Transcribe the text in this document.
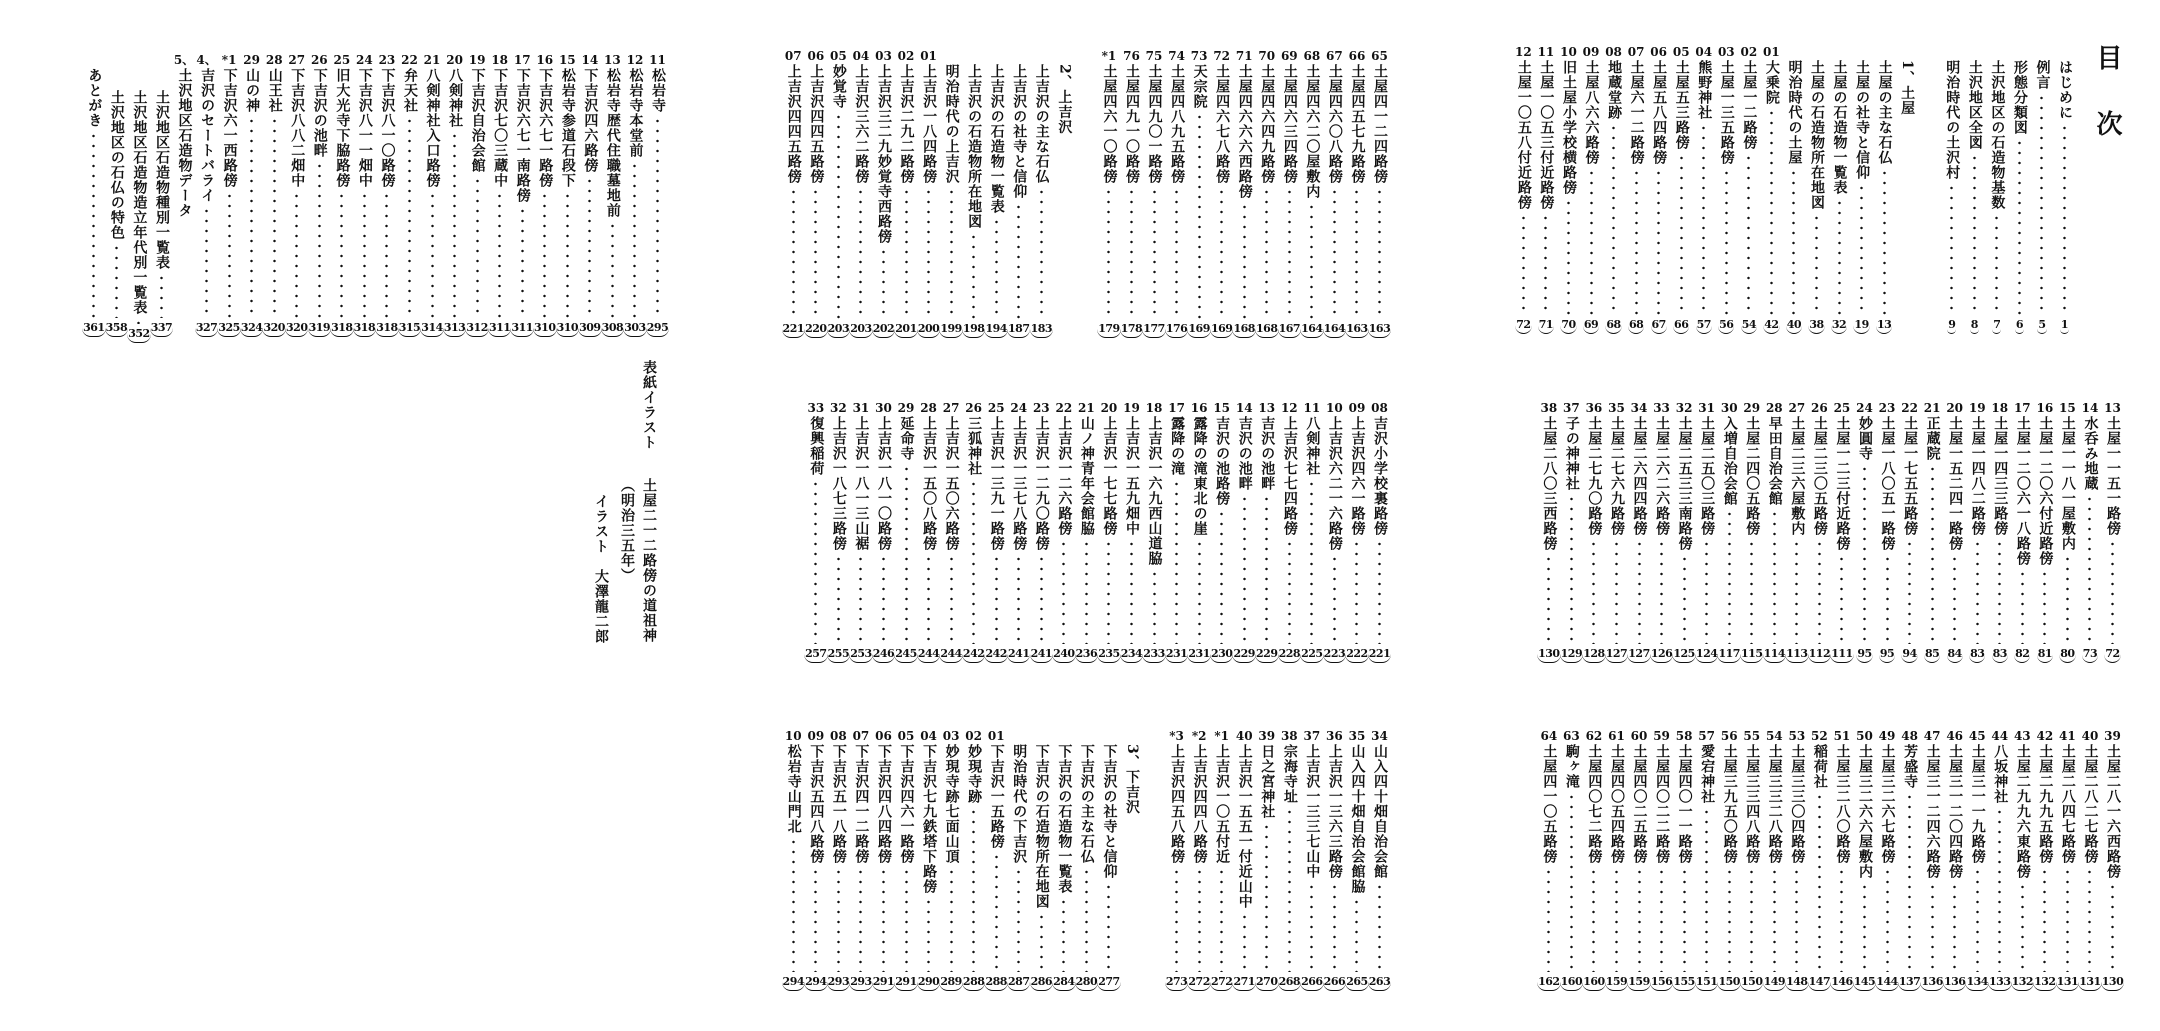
目次
はじめに
1
例言
5
形態分類図
6
土沢地区の石造物基数
7
土沢地区全図
8
明治時代の土沢村
9
1、土屋
土屋の主な石仏
13
土屋の社寺と信仰
19
土屋の石造物一覧表
32
土屋の石造物所在地図
38
明治時代の土屋
40
01
大乗院
42
02
土屋一二路傍
54
03
土屋一三五路傍
56
04
熊野神社
57
05
土屋五三路傍
66
06
土屋五八四路傍
67
07
土屋六一二路傍
68
08
地蔵堂跡
68
09
土屋八六六路傍
69
10
旧土屋小学校横路傍
70
11
土屋一〇五三付近路傍
71
12
土屋一〇五八付近路傍
72
13
土屋一一五一路傍
72
14
水呑み地蔵
73
15
土屋一一八一屋敷内
80
16
土屋一二〇六付近路傍
81
17
土屋一二〇六一八路傍
82
18
土屋一四三三路傍
83
19
土屋一四八二路傍
83
20
土屋一五二四一路傍
84
21
正蔵院
85
22
土屋一七五五路傍
94
23
土屋一八〇五一路傍
95
24
妙圓寺
95
25
土屋一二三付近路傍
111
26
土屋二三〇五路傍
112
27
土屋二三六屋敷内
113
28
早田自治会館
114
29
土屋二四〇五路傍
115
30
入増自治会館
117
31
土屋二五〇三路傍
124
32
土屋二五三三南路傍
125
33
土屋二六二六路傍
126
34
土屋二六四四路傍
127
35
土屋二七六九路傍
127
36
土屋二七九〇路傍
128
37
子の神神社
129
38
土屋二八〇三西路傍
130
39
土屋二八一六西路傍
130
40
土屋二八二七路傍
131
41
土屋二八四七路傍
131
42
土屋二九九五路傍
132
43
土屋二九九六東路傍
132
44
八坂神社
133
45
土屋三一一九路傍
134
46
土屋三一二〇四路傍
136
47
土屋三一二四六路傍
136
48
芳盛寺
137
49
土屋三二六七路傍
144
50
土屋三二六六屋敷内
145
51
土屋三二八〇路傍
146
52
稲荷社
147
53
土屋三三〇四路傍
148
54
土屋三三二八路傍
149
55
土屋三三四八路傍
150
56
土屋三九五〇路傍
150
57
愛宕神社
151
58
土屋四〇一一路傍
155
59
土屋四〇二二路傍
156
60
土屋四〇二五路傍
159
61
土屋四〇五四路傍
159
62
土屋四〇七二路傍
160
63
駒ヶ滝
160
64
土屋四一〇五路傍
162
65
土屋四一二四路傍
163
66
土屋四五七九路傍
163
67
土屋四六〇八路傍
164
68
土屋四六二〇屋敷内
164
69
土屋四六三四路傍
167
70
土屋四六四九路傍
168
71
土屋四六六六西路傍
168
72
土屋四六七八路傍
169
73
天宗院
169
74
土屋四八九五路傍
176
75
土屋四九〇一路傍
177
76
土屋四九一〇路傍
178
*1
土屋四六一〇路傍
179
2、上吉沢
上吉沢の主な石仏
183
上吉沢の社寺と信仰
187
上吉沢の石造物一覧表
194
上吉沢の石造物所在地図
198
明治時代の上吉沢
199
01
上吉沢一八四路傍
200
02
上吉沢二九二路傍
201
03
上吉沢三二九妙覚寺西路傍
202
04
上吉沢三六二路傍
203
05
妙覚寺
203
06
上吉沢四四五路傍
220
07
上吉沢四四五路傍
221
08
吉沢小学校裏路傍
221
09
上吉沢四六一路傍
222
10
上吉沢六二一六路傍
223
11
八剣神社
225
12
上吉沢七七四路傍
228
13
吉沢の池畔
229
14
吉沢の池畔
229
15
吉沢の池路傍
230
16
露降の滝東北の崖
231
17
露降の滝
231
18
上吉沢一六九西山道脇
233
19
上吉沢一五九畑中
234
20
上吉沢一七七路傍
235
21
山ノ神青年会館脇
236
22
上吉沢一二六路傍
240
23
上吉沢一二九〇路傍
241
24
上吉沢一三七八路傍
241
25
上吉沢一三九一路傍
242
26
三狐神社
242
27
上吉沢一五〇六路傍
244
28
上吉沢一五〇八路傍
244
29
延命寺
245
30
上吉沢一八一〇路傍
246
31
上吉沢一八一三山裾
253
32
上吉沢一八七三路傍
255
33
復興稲荷
257
34
山入四十畑自治会館
263
35
山入四十畑自治会館脇
265
36
上吉沢一三六三路傍
266
37
上吉沢一三三七山中
266
38
宗海寺址
268
39
日之宮神社
270
40
上吉沢一五五一付近山中
271
*1
上吉沢一〇五付近
272
*2
上吉沢四四八路傍
272
*3
上吉沢四五八路傍
273
3、下吉沢
下吉沢の社寺と信仰
277
下吉沢の主な石仏
280
下吉沢の石造物一覧表
284
下吉沢の石造物所在地図
286
明治時代の下吉沢
287
01
下吉沢一五路傍
288
02
妙現寺跡
288
03
妙現寺跡七面山頂
289
04
下吉沢七九鉄塔下路傍
290
05
下吉沢四六一路傍
291
06
下吉沢四八四路傍
291
07
下吉沢四一二路傍
293
08
下吉沢五一八路傍
293
09
下吉沢五四八路傍
294
10
松岩寺山門北
294
表紙イラスト
土屋二一二路傍の道祖神
（明治三五年）
イラスト　大澤龍二郎
11
松岩寺
295
12
松岩寺本堂前
303
13
松岩寺歴代住職墓地前
308
14
下吉沢四六路傍
309
15
松岩寺参道石段下
310
16
下吉沢六七一路傍
310
17
下吉沢六七一南路傍
311
18
下吉沢七〇三蔵中
311
19
下吉沢自治会館
312
20
八剣神社
313
21
八剣神社入口路傍
314
22
弁天社
315
23
下吉沢八一〇路傍
318
24
下吉沢八一一畑中
318
25
旧大光寺下脇路傍
318
26
下吉沢の池畔
319
27
下吉沢八八二畑中
320
28
山王社
320
29
山の神
324
*1
下吉沢六一西路傍
325
4、
吉沢のセートバライ
327
5、
土沢地区石造物データ
土沢地区石造物種別一覧表
337
土沢地区石造物造立年代別一覧表
352
土沢地区の石仏の特色
358
あとがき
361
